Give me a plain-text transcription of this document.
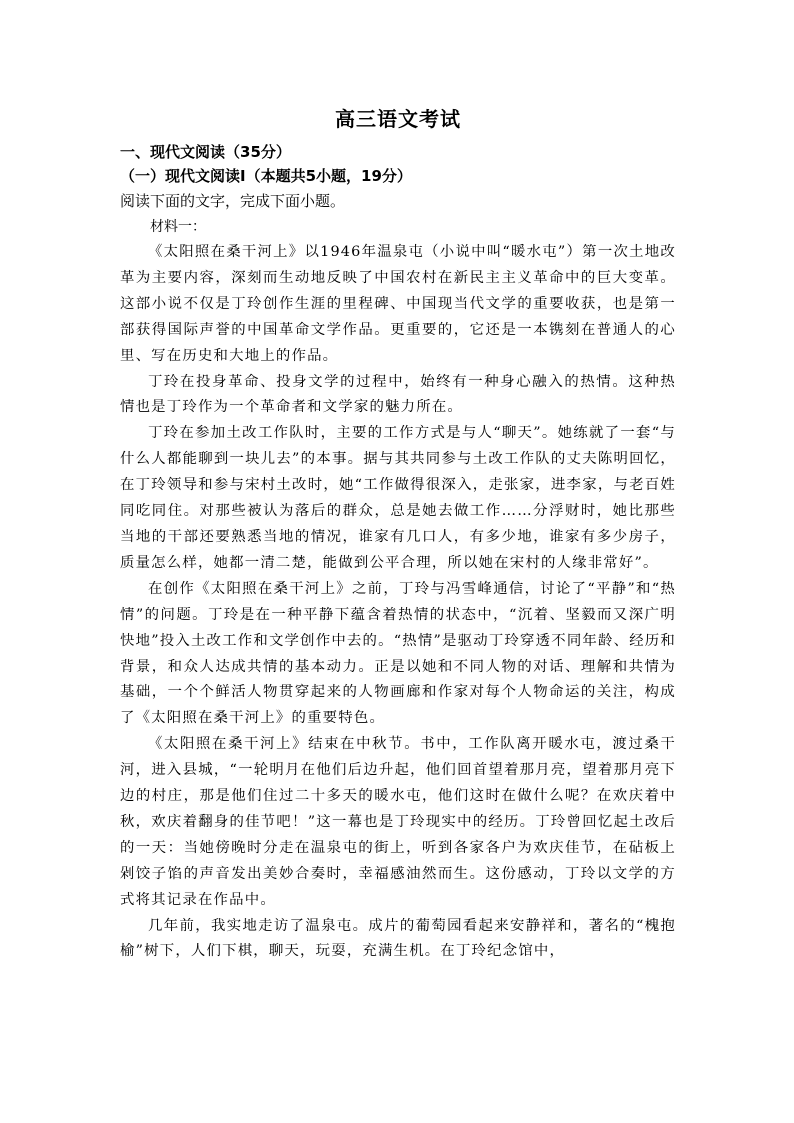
高三语文考试

一、现代文阅读（35分）

（一）现代文阅读Ⅰ（本题共5小题，19分）

阅读下面的文字，完成下面小题。

材料一：

《太阳照在桑干河上》以1946年温泉屯（小说中叫“暖水屯”）第一次土地改革为主要内容，深刻而生动地反映了中国农村在新民主主义革命中的巨大变革。这部小说不仅是丁玲创作生涯的里程碑、中国现当代文学的重要收获，也是第一部获得国际声誉的中国革命文学作品。更重要的，它还是一本镌刻在普通人的心里、写在历史和大地上的作品。

丁玲在投身革命、投身文学的过程中，始终有一种身心融入的热情。这种热情也是丁玲作为一个革命者和文学家的魅力所在。

丁玲在参加土改工作队时，主要的工作方式是与人“聊天”。她练就了一套“与什么人都能聊到一块儿去”的本事。据与其共同参与土改工作队的丈夫陈明回忆，在丁玲领导和参与宋村土改时，她“工作做得很深入，走张家，进李家，与老百姓同吃同住。对那些被认为落后的群众，总是她去做工作……分浮财时，她比那些当地的干部还要熟悉当地的情况，谁家有几口人，有多少地，谁家有多少房子，质量怎么样，她都一清二楚，能做到公平合理，所以她在宋村的人缘非常好”。

在创作《太阳照在桑干河上》之前，丁玲与冯雪峰通信，讨论了“平静”和“热情”的问题。丁玲是在一种平静下蕴含着热情的状态中，“沉着、坚毅而又深广明快地”投入土改工作和文学创作中去的。“热情”是驱动丁玲穿透不同年龄、经历和背景，和众人达成共情的基本动力。正是以她和不同人物的对话、理解和共情为基础，一个个鲜活人物贯穿起来的人物画廊和作家对每个人物命运的关注，构成了《太阳照在桑干河上》的重要特色。

《太阳照在桑干河上》结束在中秋节。书中，工作队离开暖水屯，渡过桑干河，进入县城，“一轮明月在他们后边升起，他们回首望着那月亮，望着那月亮下边的村庄，那是他们住过二十多天的暖水屯，他们这时在做什么呢？在欢庆着中秋，欢庆着翻身的佳节吧！”这一幕也是丁玲现实中的经历。丁玲曾回忆起土改后的一天：当她傍晚时分走在温泉屯的街上，听到各家各户为欢庆佳节，在砧板上剁饺子馅的声音发出美妙合奏时，幸福感油然而生。这份感动，丁玲以文学的方式将其记录在作品中。

几年前，我实地走访了温泉屯。成片的葡萄园看起来安静祥和，著名的“槐抱榆”树下，人们下棋，聊天，玩耍，充满生机。在丁玲纪念馆中，
